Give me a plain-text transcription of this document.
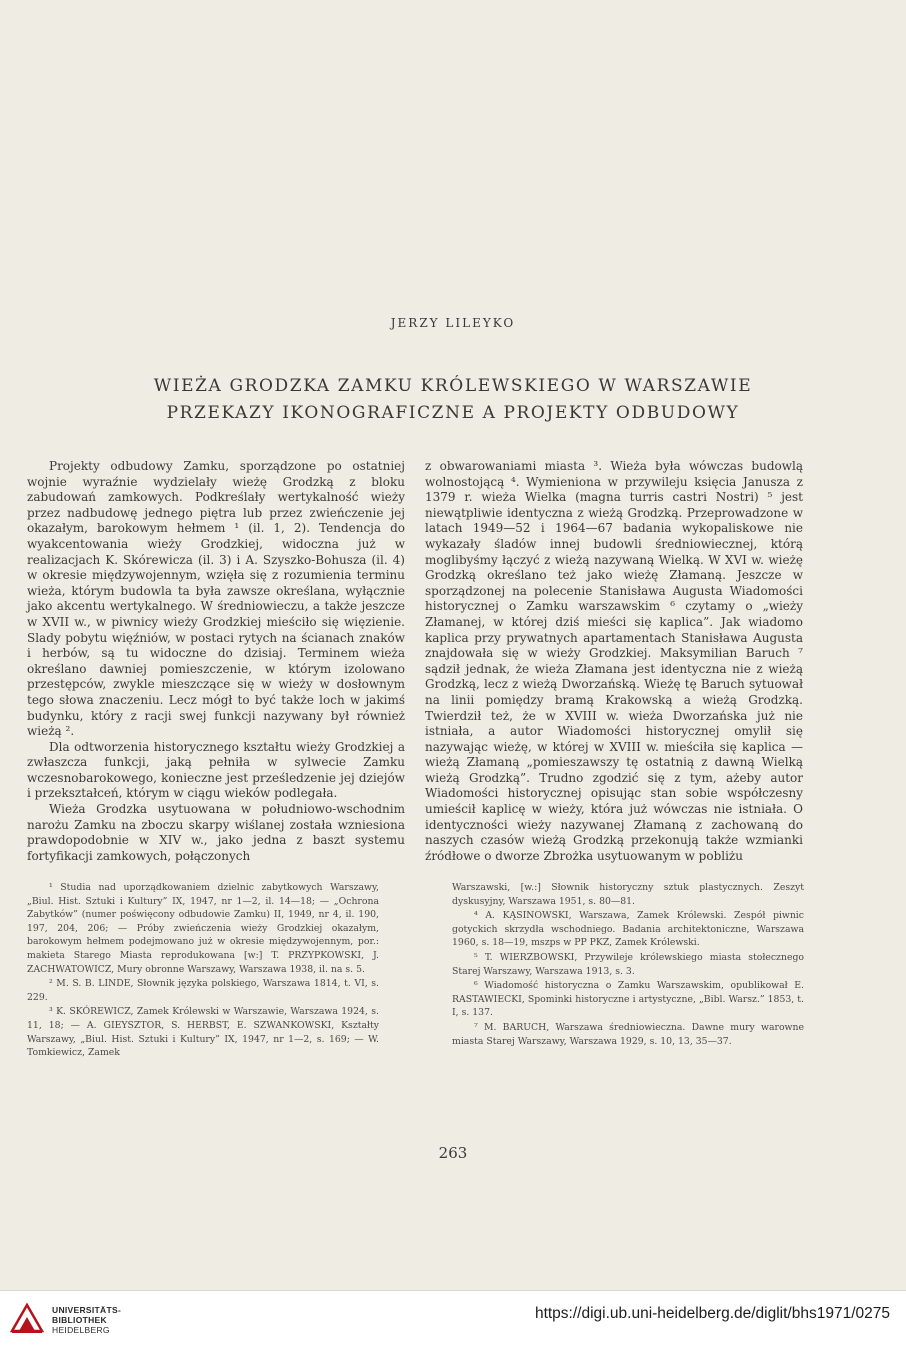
JERZY LILEYKO
WIEŻA GRODZKA ZAMKU KRÓLEWSKIEGO W WARSZAWIE
PRZEKAZY IKONOGRAFICZNE A PROJEKTY ODBUDOWY

Projekty odbudowy Zamku, sporządzone po ostatniej wojnie wyraźnie wydzielały wieżę Grodzką z bloku zabudowań zamkowych. Podkreślały wertykalność wieży przez nadbudowę jednego piętra lub przez zwieńczenie jej okazałym, barokowym hełmem ¹ (il. 1, 2). Tendencja do wyakcentowania wieży Grodzkiej, widoczna już w realizacjach K. Skórewicza (il. 3) i A. Szyszko-Bohusza (il. 4) w okresie międzywojennym, wzięła się z rozumienia terminu wieża, którym budowla ta była zawsze określana, wyłącznie jako akcentu wertykalnego. W średniowieczu, a także jeszcze w XVII w., w piwnicy wieży Grodzkiej mieściło się więzienie. Slady pobytu więźniów, w postaci rytych na ścianach znaków i herbów, są tu widoczne do dzisiaj. Terminem wieża określano dawniej pomieszczenie, w którym izolowano przestępców, zwykle mieszczące się w wieży w dosłownym tego słowa znaczeniu. Lecz mógł to być także loch w jakimś budynku, który z racji swej funkcji nazywany był również wieżą ².

Dla odtworzenia historycznego kształtu wieży Grodzkiej a zwłaszcza funkcji, jaką pełniła w sylwecie Zamku wczesnobarokowego, konieczne jest prześledzenie jej dziejów i przekształceń, którym w ciągu wieków podlegała.

Wieża Grodzka usytuowana w południowo-wschodnim narożu Zamku na zboczu skarpy wiślanej została wzniesiona prawdopodobnie w XIV w., jako jedna z baszt systemu fortyfikacji zamkowych, połączonych

z obwarowaniami miasta ³. Wieża była wówczas budowlą wolnostojącą ⁴. Wymieniona w przywileju księcia Janusza z 1379 r. wieża Wielka (magna turris castri Nostri) ⁵ jest niewątpliwie identyczna z wieżą Grodzką. Przeprowadzone w latach 1949—52 i 1964—67 badania wykopaliskowe nie wykazały śladów innej budowli średniowiecznej, którą moglibyśmy łączyć z wieżą nazywaną Wielką. W XVI w. wieżę Grodzką określano też jako wieżę Złamaną. Jeszcze w sporządzonej na polecenie Stanisława Augusta Wiadomości historycznej o Zamku warszawskim ⁶ czytamy o „wieży Złamanej, w której dziś mieści się kaplica”. Jak wiadomo kaplica przy prywatnych apartamentach Stanisława Augusta znajdowała się w wieży Grodzkiej. Maksymilian Baruch ⁷ sądził jednak, że wieża Złamana jest identyczna nie z wieżą Grodzką, lecz z wieżą Dworzańską. Wieżę tę Baruch sytuował na linii pomiędzy bramą Krakowską a wieżą Grodzką. Twierdził też, że w XVIII w. wieża Dworzańska już nie istniała, a autor Wiadomości historycznej omylił się nazywając wieżę, w której w XVIII w. mieściła się kaplica — wieżą Złamaną „pomieszawszy tę ostatnią z dawną Wielką wieżą Grodzką”. Trudno zgodzić się z tym, ażeby autor Wiadomości historycznej opisując stan sobie współczesny umieścił kaplicę w wieży, która już wówczas nie istniała. O identyczności wieży nazywanej Złamaną z zachowaną do naszych czasów wieżą Grodzką przekonują także wzmianki źródłowe o dworze Zbrożka usytuowanym w pobliżu

¹ Studia nad uporządkowaniem dzielnic zabytkowych Warszawy, „Biul. Hist. Sztuki i Kultury” IX, 1947, nr 1—2, il. 14—18; — „Ochrona Zabytków” (numer poświęcony odbudowie Zamku) II, 1949, nr 4, il. 190, 197, 204, 206; — Próby zwieńczenia wieży Grodzkiej okazałym, barokowym hełmem podejmowano już w okresie międzywojennym, por.: makieta Starego Miasta reprodukowana [w:] T. PRZYPKOWSKI, J. ZACHWATOWICZ, Mury obronne Warszawy, Warszawa 1938, il. na s. 5.

² M. S. B. LINDE, Słownik języka polskiego, Warszawa 1814, t. VI, s. 229.

³ K. SKÓREWICZ, Zamek Królewski w Warszawie, Warszawa 1924, s. 11, 18; — A. GIEYSZTOR, S. HERBST, E. SZWANKOWSKI, Kształty Warszawy, „Biul. Hist. Sztuki i Kultury” IX, 1947, nr 1—2, s. 169; — W. Tomkiewicz, Zamek

Warszawski, [w.:] Słownik historyczny sztuk plastycznych. Zeszyt dyskusyjny, Warszawa 1951, s. 80—81.

⁴ A. KĄSINOWSKI, Warszawa, Zamek Królewski. Zespół piwnic gotyckich skrzydła wschodniego. Badania architektoniczne, Warszawa 1960, s. 18—19, mszps w PP PKZ, Zamek Królewski.

⁵ T. WIERZBOWSKI, Przywileje królewskiego miasta stołecznego Starej Warszawy, Warszawa 1913, s. 3.

⁶ Wiadomość historyczna o Zamku Warszawskim, opublikował E. RASTAWIECKI, Spominki historyczne i artystyczne, „Bibl. Warsz.” 1853, t. I, s. 137.

⁷ M. BARUCH, Warszawa średniowieczna. Dawne mury warowne miasta Starej Warszawy, Warszawa 1929, s. 10, 13, 35—37.

263
UNIVERSITÄTS-
BIBLIOTHEK
HEIDELBERG
https://digi.ub.uni-heidelberg.de/diglit/bhs1971/0275
